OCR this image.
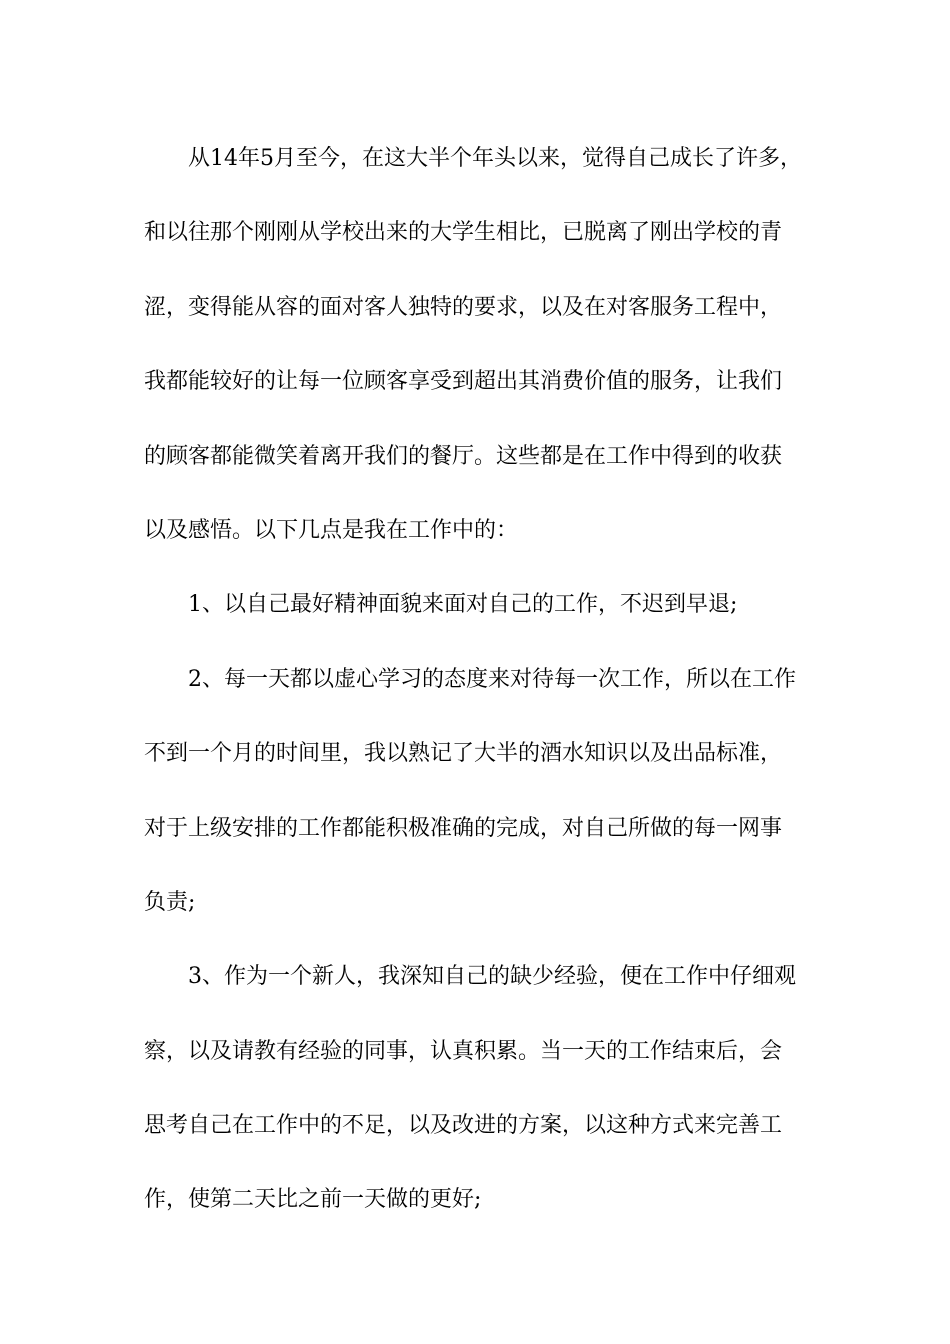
从14年5月至今，在这大半个年头以来，觉得自己成长了许多，
和以往那个刚刚从学校出来的大学生相比，已脱离了刚出学校的青
涩，变得能从容的面对客人独特的要求，以及在对客服务工程中，
我都能较好的让每一位顾客享受到超出其消费价值的服务，让我们
的顾客都能微笑着离开我们的餐厅。这些都是在工作中得到的收获
以及感悟。以下几点是我在工作中的：
1、以自己最好精神面貌来面对自己的工作，不迟到早退;
2、每一天都以虚心学习的态度来对待每一次工作，所以在工作
不到一个月的时间里，我以熟记了大半的酒水知识以及出品标准，
对于上级安排的工作都能积极准确的完成，对自己所做的每一网事
负责;
3、作为一个新人，我深知自己的缺少经验，便在工作中仔细观
察，以及请教有经验的同事，认真积累。当一天的工作结束后，会
思考自己在工作中的不足，以及改进的方案，以这种方式来完善工
作，使第二天比之前一天做的更好;
